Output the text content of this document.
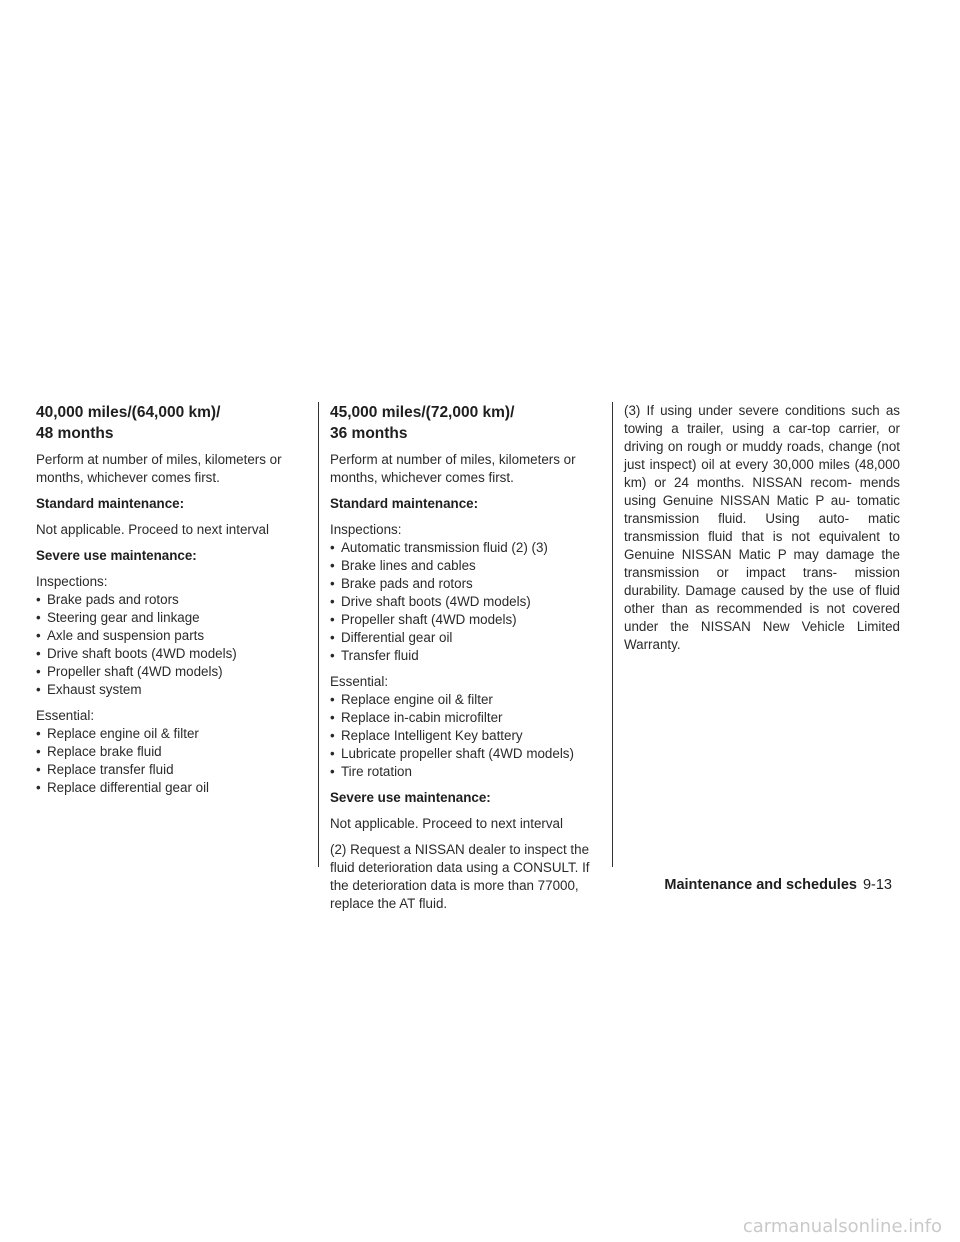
40,000 miles/(64,000 km)/
48 months

Perform at number of miles, kilometers or months, whichever comes first.

Standard maintenance:

Not applicable. Proceed to next interval

Severe use maintenance:

Inspections:
• Brake pads and rotors
• Steering gear and linkage
• Axle and suspension parts
• Drive shaft boots (4WD models)
• Propeller shaft (4WD models)
• Exhaust system
Essential:
• Replace engine oil & filter
• Replace brake fluid
• Replace transfer fluid
• Replace differential gear oil
45,000 miles/(72,000 km)/
36 months

Perform at number of miles, kilometers or months, whichever comes first.

Standard maintenance:

Inspections:
• Automatic transmission fluid (2) (3)
• Brake lines and cables
• Brake pads and rotors
• Drive shaft boots (4WD models)
• Propeller shaft (4WD models)
• Differential gear oil
• Transfer fluid
Essential:
• Replace engine oil & filter
• Replace in-cabin microfilter
• Replace Intelligent Key battery
• Lubricate propeller shaft (4WD models)
• Tire rotation

Severe use maintenance:

Not applicable. Proceed to next interval

(2) Request a NISSAN dealer to inspect the fluid deterioration data using a CONSULT. If the deterioration data is more than 77000, replace the AT fluid.

(3) If using under severe conditions such as towing a trailer, using a car-top carrier, or driving on rough or muddy roads, change (not just inspect) oil at every 30,000 miles (48,000 km) or 24 months. NISSAN recom- mends using Genuine NISSAN Matic P au- tomatic transmission fluid. Using auto- matic transmission fluid that is not equivalent to Genuine NISSAN Matic P may damage the transmission or impact trans- mission durability. Damage caused by the use of fluid other than as recommended is not covered under the NISSAN New Vehicle Limited Warranty.

Maintenance and schedules 9-13
carmanualsonline.info
